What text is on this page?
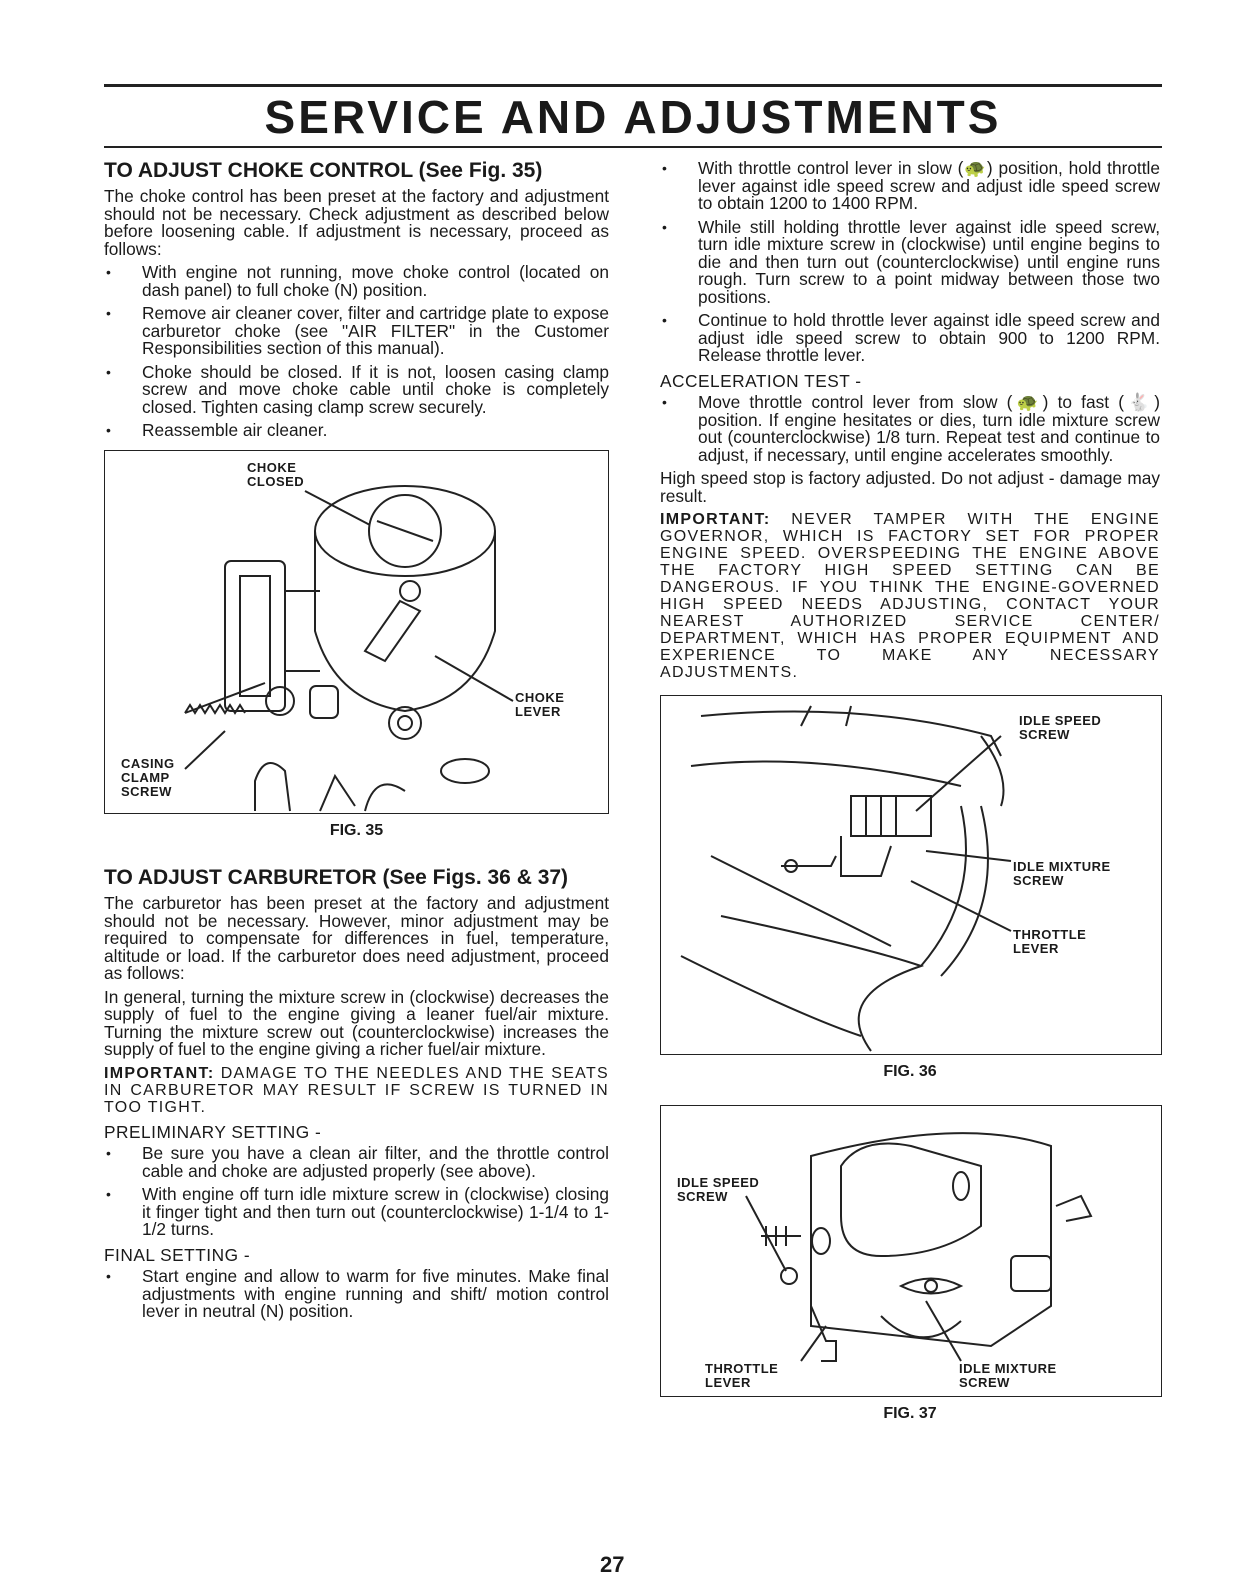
SERVICE AND ADJUSTMENTS
TO ADJUST CHOKE CONTROL (See Fig. 35)

The choke control has been preset at the factory and adjustment should not be necessary. Check adjustment as described below before loosening cable. If adjustment is necessary, proceed as follows:

• With engine not running, move choke control (located on dash panel) to full choke (N) position.
• Remove air cleaner cover, filter and cartridge plate to expose carburetor choke (see "AIR FILTER" in the Customer Responsibilities section of this manual).
• Choke should be closed. If it is not, loosen casing clamp screw and move choke cable until choke is completely closed. Tighten casing clamp screw securely.
• Reassemble air cleaner.
CHOKE CLOSED
CHOKE LEVER
CASING CLAMP SCREW
FIG. 35
TO ADJUST CARBURETOR (See Figs. 36 & 37)

The carburetor has been preset at the factory and adjustment should not be necessary. However, minor adjustment may be required to compensate for differences in fuel, temperature, altitude or load. If the carburetor does need adjustment, proceed as follows:

In general, turning the mixture screw in (clockwise) decreases the supply of fuel to the engine giving a leaner fuel/air mixture. Turning the mixture screw out (counterclockwise) increases the supply of fuel to the engine giving a richer fuel/air mixture.

IMPORTANT: DAMAGE TO THE NEEDLES AND THE SEATS IN CARBURETOR MAY RESULT IF SCREW IS TURNED IN TOO TIGHT.
PRELIMINARY SETTING -
• Be sure you have a clean air filter, and the throttle control cable and choke are adjusted properly (see above).
• With engine off turn idle mixture screw in (clockwise) closing it finger tight and then turn out (counterclockwise) 1-1/4 to 1-1/2 turns.
FINAL SETTING -
• Start engine and allow to warm for five minutes. Make final adjustments with engine running and shift/ motion control lever in neutral (N) position.
• With throttle control lever in slow (🐢) position, hold throttle lever against idle speed screw and adjust idle speed screw to obtain 1200 to 1400 RPM.
• While still holding throttle lever against idle speed screw, turn idle mixture screw in (clockwise) until engine begins to die and then turn out (counterclockwise) until engine runs rough. Turn screw to a point midway between those two positions.
• Continue to hold throttle lever against idle speed screw and adjust idle speed screw to obtain 900 to 1200 RPM. Release throttle lever.
ACCELERATION TEST -
• Move throttle control lever from slow (🐢) to fast (🐇) position. If engine hesitates or dies, turn idle mixture screw out (counterclockwise) 1/8 turn. Repeat test and continue to adjust, if necessary, until engine accelerates smoothly.

High speed stop is factory adjusted. Do not adjust - damage may result.

IMPORTANT: NEVER TAMPER WITH THE ENGINE GOVERNOR, WHICH IS FACTORY SET FOR PROPER ENGINE SPEED. OVERSPEEDING THE ENGINE ABOVE THE FACTORY HIGH SPEED SETTING CAN BE DANGEROUS. IF YOU THINK THE ENGINE-GOVERNED HIGH SPEED NEEDS ADJUSTING, CONTACT YOUR NEAREST AUTHORIZED SERVICE CENTER/ DEPARTMENT, WHICH HAS PROPER EQUIPMENT AND EXPERIENCE TO MAKE ANY NECESSARY ADJUSTMENTS.
IDLE SPEED SCREW
IDLE MIXTURE SCREW
THROTTLE LEVER
FIG. 36
IDLE SPEED SCREW
THROTTLE LEVER
IDLE MIXTURE SCREW
FIG. 37
27
